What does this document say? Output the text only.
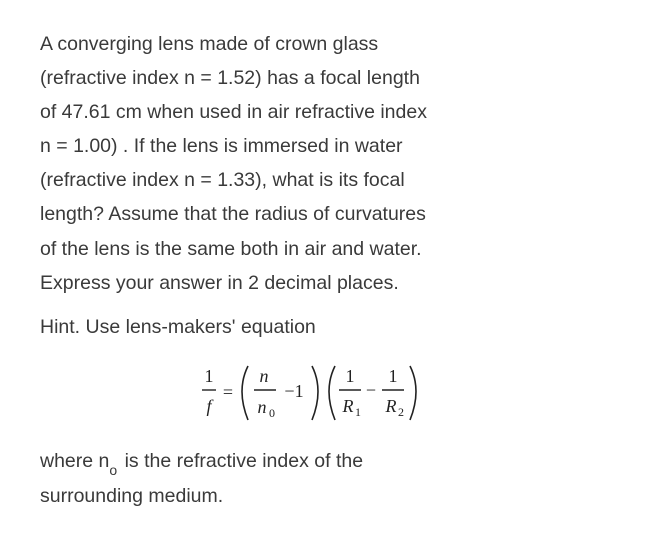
A converging lens made of crown glass
(refractive index n = 1.52) has a focal length
of 47.61 cm when used in air refractive index
n = 1.00) . If the lens is immersed in water
(refractive index n = 1.33), what is its focal
length? Assume that the radius of curvatures
of the lens is the same both in air and water.
Express your answer in 2 decimal places.
Hint. Use lens-makers' equation
1
f
=
n
n 0
−1
1
R 1
−
1
R 2
where $n_o$ is the refractive index of the
surrounding medium.
